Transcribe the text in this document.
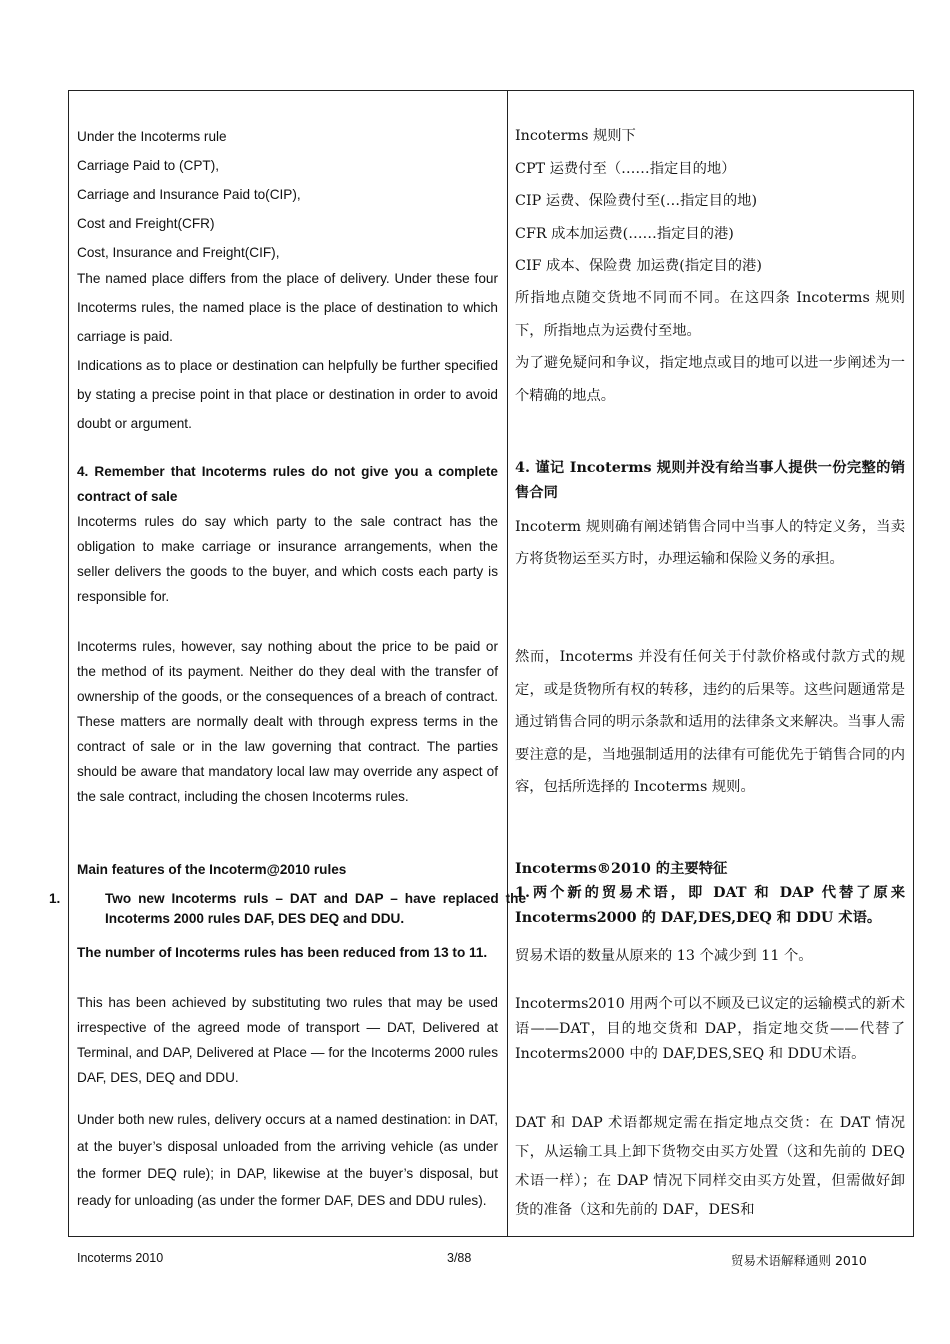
Under the Incoterms rule
Carriage Paid to (CPT),
Carriage and Insurance Paid to(CIP),
Cost and Freight(CFR)
Cost, Insurance and Freight(CIF),
The named place differs from the place of delivery. Under these four Incoterms rules, the named place is the place of destination to which carriage is paid.
Indications as to place or destination can helpfully be further specified by stating a precise point in that place or destination in order to avoid doubt or argument.
4. Remember that Incoterms rules do not give you a complete contract of sale
Incoterms rules do say which party to the sale contract has the obligation to make carriage or insurance arrangements, when the seller delivers the goods to the buyer, and which costs each party is responsible for.
Incoterms rules, however, say nothing about the price to be paid or the method of its payment. Neither do they deal with the transfer of ownership of the goods, or the consequences of a breach of contract. These matters are normally dealt with through express terms in the contract of sale or in the law governing that contract. The parties should be aware that mandatory local law may override any aspect of the sale contract, including the chosen Incoterms rules.
Main features of the Incoterm@2010 rules
1.	Two new Incoterms ruls – DAT and DAP – have replaced the Incoterms 2000 rules DAF, DES DEQ and DDU.
The number of Incoterms rules has been reduced from 13 to 11.
This has been achieved by substituting two rules that may be used irrespective of the agreed mode of transport — DAT, Delivered at Terminal, and DAP, Delivered at Place — for the Incoterms 2000 rules DAF, DES, DEQ and DDU.
Under both new rules, delivery occurs at a named destination: in DAT, at the buyer’s disposal unloaded from the arriving vehicle (as under the former DEQ rule); in DAP, likewise at the buyer’s disposal, but ready for unloading (as under the former DAF, DES and DDU rules).
Incoterms 规则下
CPT 运费付至（……指定目的地）
CIP 运费、保险费付至(…指定目的地)
CFR 成本加运费(……指定目的港)
CIF 成本、保险费 加运费(指定目的港)
所指地点随交货地不同而不同。在这四条 Incoterms 规则下，所指地点为运费付至地。
为了避免疑问和争议，指定地点或目的地可以进一步阐述为一个精确的地点。
4. 谨记 Incoterms 规则并没有给当事人提供一份完整的销售合同
Incoterm 规则确有阐述销售合同中当事人的特定义务，当卖方将货物运至买方时，办理运输和保险义务的承担。
然而，Incoterms 并没有任何关于付款价格或付款方式的规定，或是货物所有权的转移，违约的后果等。这些问题通常是通过销售合同的明示条款和适用的法律条文来解决。当事人需要注意的是，当地强制适用的法律有可能优先于销售合同的内容，包括所选择的 Incoterms 规则。
Incoterms®2010 的主要特征
1.两个新的贸易术语，即 DAT 和 DAP 代替了原来 Incoterms2000 的 DAF,DES,DEQ 和 DDU 术语。
贸易术语的数量从原来的 13 个减少到 11 个。
Incoterms2010 用两个可以不顾及已议定的运输模式的新术语——DAT，目的地交货和 DAP，指定地交货——代替了 Incoterms2000 中的 DAF,DES,SEQ 和 DDU术语。
DAT 和 DAP 术语都规定需在指定地点交货：在 DAT 情况下，从运输工具上卸下货物交由买方处置（这和先前的 DEQ 术语一样）；在 DAP 情况下同样交由买方处置，但需做好卸货的准备（这和先前的 DAF，DES和
Incoterms 2010	3/88	贸易术语解释通则 2010
